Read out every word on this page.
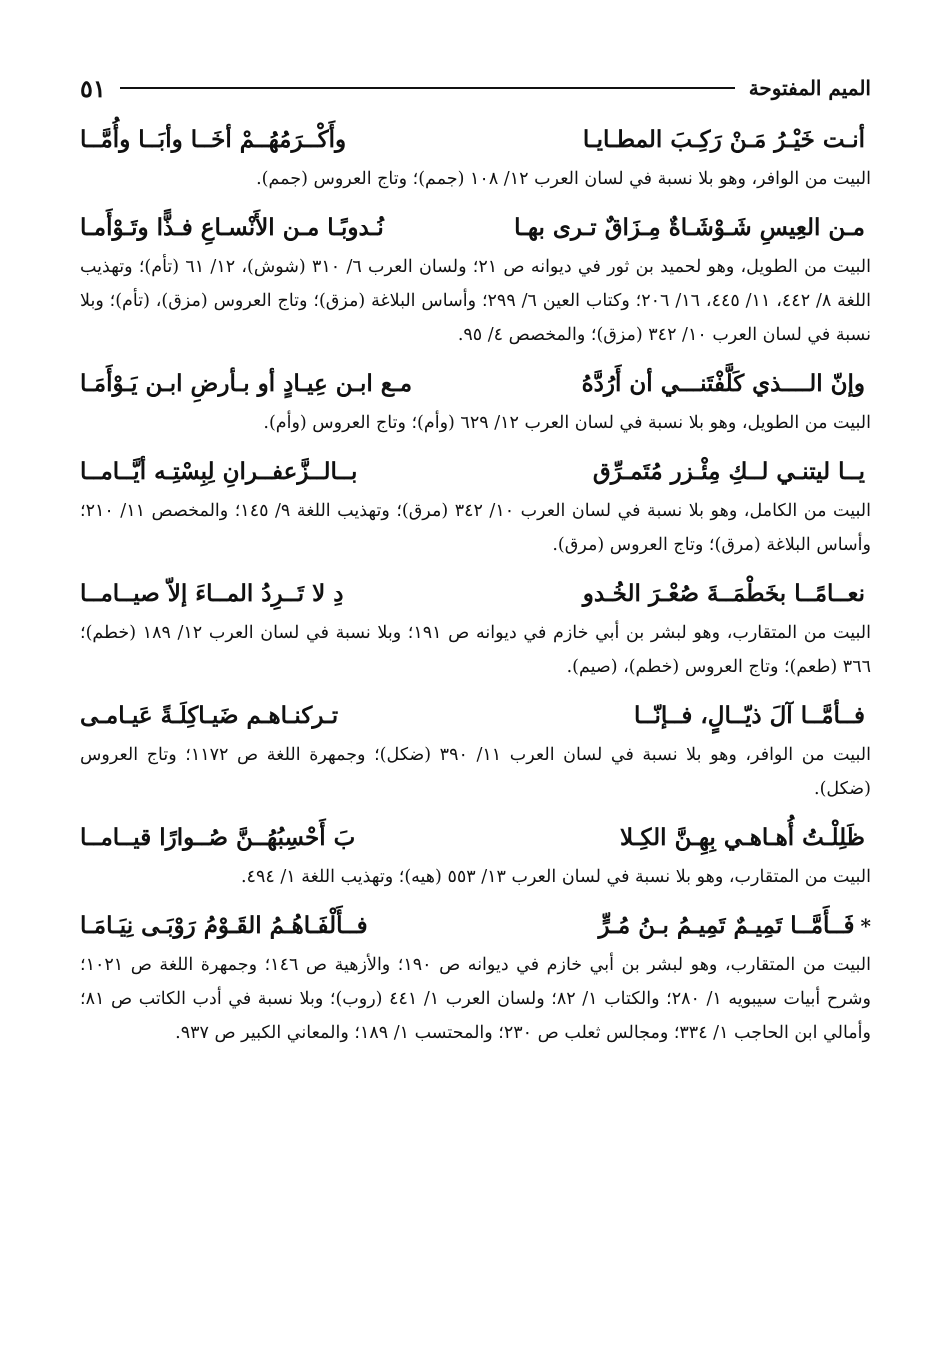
الميم المفتوحة
٥١
أنـت خَيْـرُ مَـنْ رَكِـبَ المطـايـا
وأَكْــرَمُهُــمْ أخَــا وأبَــا وأُمَّــا
البيت من الوافر، وهو بلا نسبة في لسان العرب ١٢/ ١٠٨ (جمم)؛ وتاج العروس (جمم).
مـن العِيسِ شَـوْشَـاةٌ مِـزَاقٌ تـرى بهـا
نُـدوبًـا مـن الأَنْسـاعِ فـذًّا وتَـوْأَمـا
البيت من الطويل، وهو لحميد بن ثور في ديوانه ص ٢١؛ ولسان العرب ٦/ ٣١٠ (شوش)، ١٢/ ٦١ (تأم)؛ وتهذيب اللغة ٨/ ٤٤٢، ١١/ ٤٤٥، ١٦/ ٢٠٦؛ وكتاب العين ٦/ ٢٩٩؛ وأساس البلاغة (مزق)؛ وتاج العروس (مزق)، (تأم)؛ وبلا نسبة في لسان العرب ١٠/ ٣٤٢ (مزق)؛ والمخصص ٤/ ٩٥.
وإنّ الــــذي كَلَّفْتَنـــي أن أَرُدَّهُ
مـع ابـن عِيـادٍ أو بـأرضِ ابـن يَـوْأَمَـا
البيت من الطويل، وهو بلا نسبة في لسان العرب ١٢/ ٦٢٩ (وأم)؛ وتاج العروس (وأم).
يــا ليتنـي لــكِ مِئْـزر مُتَمـرِّق
بــالــزَّعفــرانِ لِبِسْتِـه أيَّــامــا
البيت من الكامل، وهو بلا نسبة في لسان العرب ١٠/ ٣٤٢ (مرق)؛ وتهذيب اللغة ٩/ ١٤٥؛ والمخصص ١١/ ٢١٠؛ وأساس البلاغة (مرق)؛ وتاج العروس (مرق).
نعــامًــا بخَطْمَــةَ صُعْـرَ الخُـدو
دِ لا تَــرِدُ المــاءَ إلاّ صيــامــا
البيت من المتقارب، وهو لبشر بن أبي خازم في ديوانه ص ١٩١؛ وبلا نسبة في لسان العرب ١٢/ ١٨٩ (خطم)؛ ٣٦٦ (طعم)؛ وتاج العروس (خطم)، (صيم).
فــأمَّــا آلَ ذيّــالٍ، فــإنّــا
تـركنـاهـم ضَيـاكِلَـةً عَيـامـى
البيت من الوافر، وهو بلا نسبة في لسان العرب ١١/ ٣٩٠ (ضكل)؛ وجمهرة اللغة ص ١١٧٢؛ وتاج العروس (ضكل).
ظَلِلْـتُ أُهـاهـي بِهِـنَّ الكِـلا
بَ أَحْسِبُهُــنَّ صُــوارًا قيــامــا
البيت من المتقارب، وهو بلا نسبة في لسان العرب ١٣/ ٥٥٣ (هيه)؛ وتهذيب اللغة ١/ ٤٩٤.
*فَــأَمَّــا تَمِيـمٌ تَمِيـمُ بـنُ مُـرٍّ
فــأَلْفَـاهُـمُ القَـوْمُ رَوْبَـى نِيَـامَـا
البيت من المتقارب، وهو لبشر بن أبي خازم في ديوانه ص ١٩٠؛ والأزهية ص ١٤٦؛ وجمهرة اللغة ص ١٠٢١؛ وشرح أبيات سيبويه ١/ ٢٨٠؛ والكتاب ١/ ٨٢؛ ولسان العرب ١/ ٤٤١ (روب)؛ وبلا نسبة في أدب الكاتب ص ٨١؛ وأمالي ابن الحاجب ١/ ٣٣٤؛ ومجالس ثعلب ص ٢٣٠؛ والمحتسب ١/ ١٨٩؛ والمعاني الكبير ص ٩٣٧.
